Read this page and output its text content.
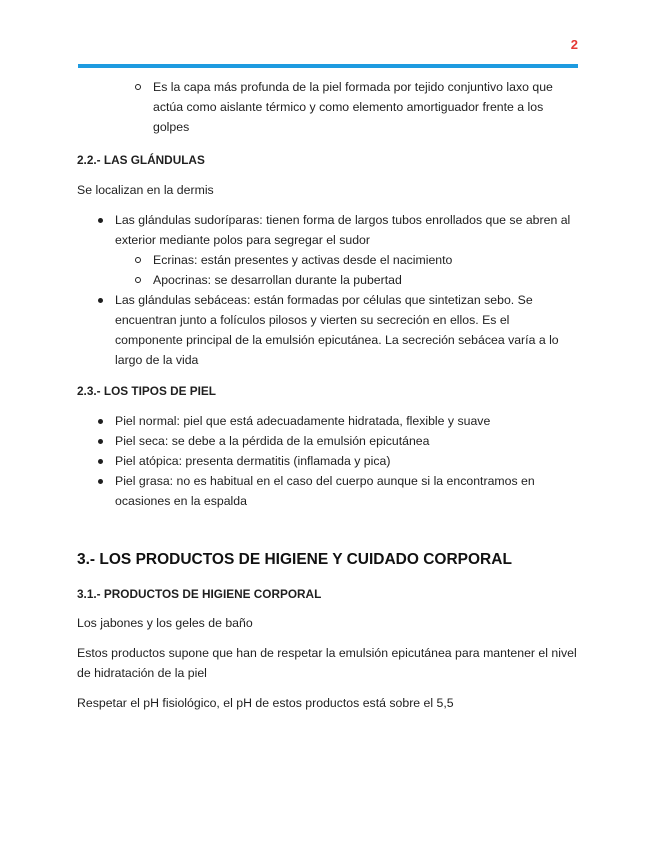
2
Es la capa más profunda de la piel formada por tejido conjuntivo laxo que actúa como aislante térmico y como elemento amortiguador frente a los golpes
2.2.- LAS GLÁNDULAS

Se localizan en la dermis

Las glándulas sudoríparas: tienen forma de largos tubos enrollados que se abren al exterior mediante polos para segregar el sudor
Ecrinas: están presentes y activas desde el nacimiento
Apocrinas: se desarrollan durante la pubertad
Las glándulas sebáceas: están formadas por células que sintetizan sebo. Se encuentran junto a folículos pilosos y vierten su secreción en ellos. Es el componente principal de la emulsión epicutánea. La secreción sebácea varía a lo largo de la vida
2.3.- LOS TIPOS DE PIEL
Piel normal: piel que está adecuadamente hidratada, flexible y suave
Piel seca: se debe a la pérdida de la emulsión epicutánea
Piel atópica: presenta dermatitis (inflamada y pica)
Piel grasa: no es habitual en el caso del cuerpo aunque si la encontramos en ocasiones en la espalda
3.- LOS PRODUCTOS DE HIGIENE Y CUIDADO CORPORAL
3.1.- PRODUCTOS DE HIGIENE CORPORAL

Los jabones y los geles de baño

Estos productos supone que han de respetar la emulsión epicutánea para mantener el nivel de hidratación de la piel

Respetar el pH fisiológico, el pH de estos productos está sobre el 5,5
